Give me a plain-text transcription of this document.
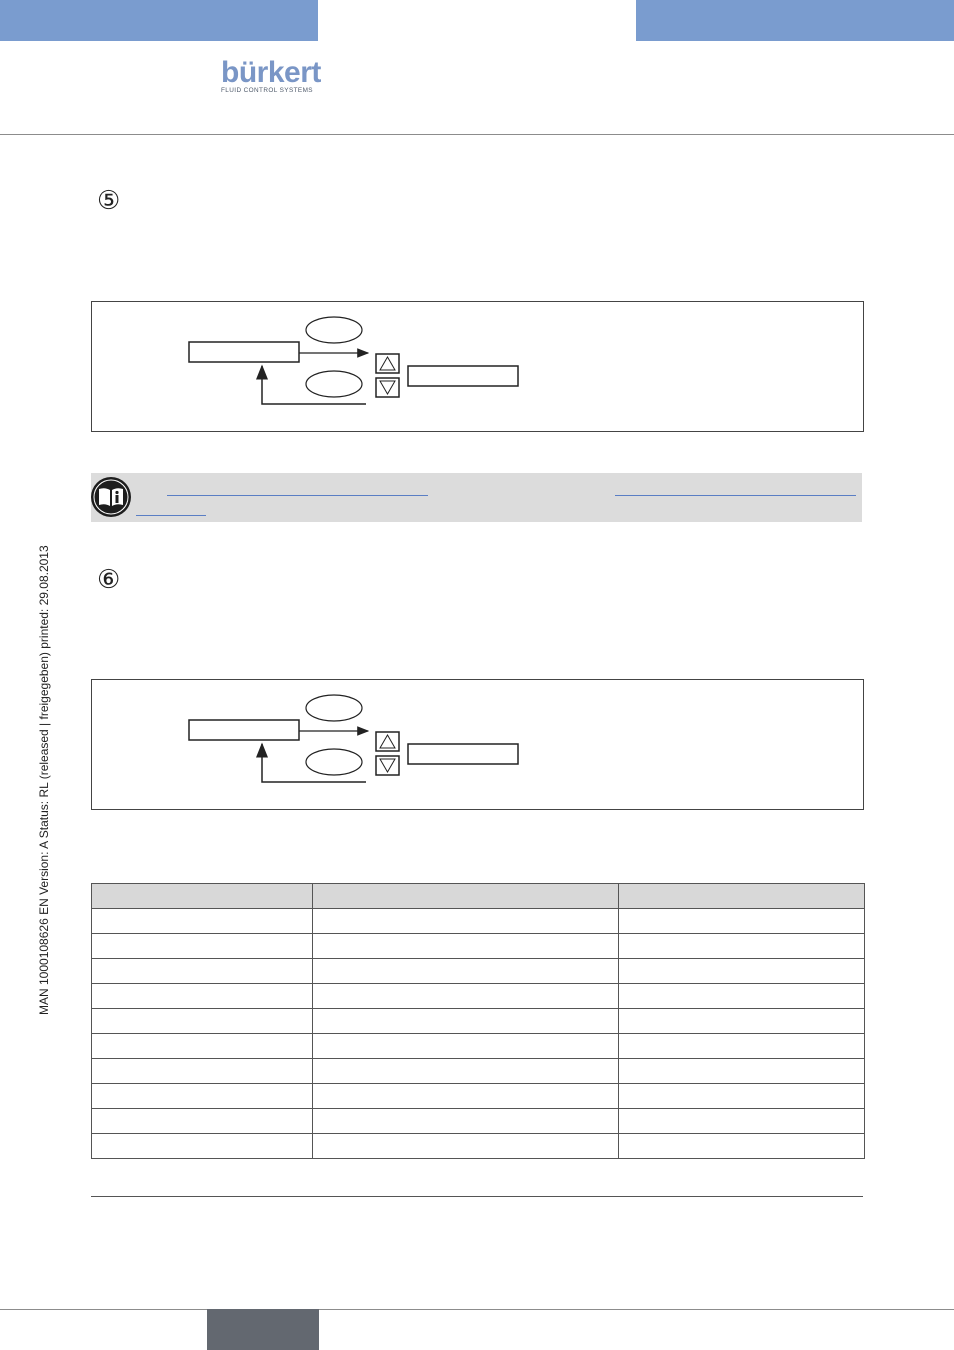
bürkert
FLUID CONTROL SYSTEMS
MAN 1000108626 EN Version: A Status: RL (released | freigegeben) printed: 29.08.2013
⑤
⑥
